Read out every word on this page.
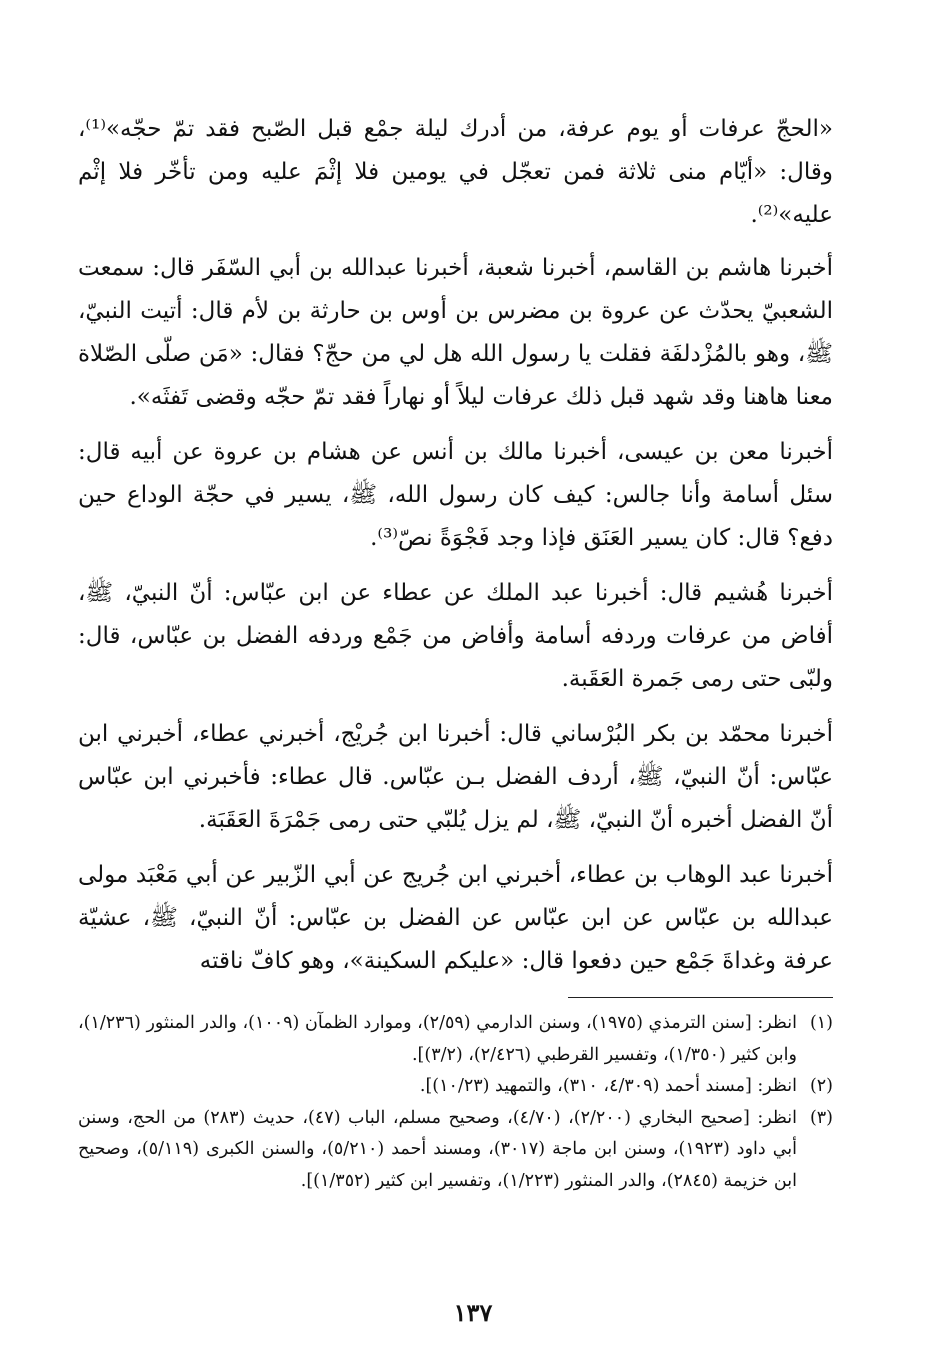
«الحجّ عرفات أو يوم عرفة، من أدرك ليلة جمْع قبل الصّبح فقد تمّ حجّه»⁽¹⁾، وقال: «أيّام منى ثلاثة فمن تعجّل في يومين فلا إثْمَ عليه ومن تأخّر فلا إثْم عليه»⁽²⁾.

أخبرنا هاشم بن القاسم، أخبرنا شعبة، أخبرنا عبدالله بن أبي السّفَر قال: سمعت الشعبيّ يحدّث عن عروة بن مضرس بن أوس بن حارثة بن لأم قال: أتيت النبيّ، ﷺ، وهو بالمُزْدلفَة فقلت يا رسول الله هل لي من حجّ؟ فقال: «مَن صلّى الصّلاة معنا هاهنا وقد شهد قبل ذلك عرفات ليلاً أو نهاراً فقد تمّ حجّه وقضى تَفثَه».

أخبرنا معن بن عيسى، أخبرنا مالك بن أنس عن هشام بن عروة عن أبيه قال: سئل أسامة وأنا جالس: كيف كان رسول الله، ﷺ، يسير في حجّة الوداع حين دفع؟ قال: كان يسير العَنَق فإذا وجد فَجْوَةً نصّ⁽³⁾.

أخبرنا هُشيم قال: أخبرنا عبد الملك عن عطاء عن ابن عبّاس: أنّ النبيّ، ﷺ، أفاض من عرفات وردفه أسامة وأفاض من جَمْع وردفه الفضل بن عبّاس، قال: ولبّى حتى رمى جَمرة العَقَبة.

أخبرنا محمّد بن بكر البُرْساني قال: أخبرنا ابن جُريْج، أخبرني عطاء، أخبرني ابن عبّاس: أنّ النبيّ، ﷺ، أردف الفضل بـن عبّاس. قال عطاء: فأخبرني ابن عبّاس أنّ الفضل أخبره أنّ النبيّ، ﷺ، لم يزل يُلبّي حتى رمى جَمْرَةَ العَقَبَة.

أخبرنا عبد الوهاب بن عطاء، أخبرني ابن جُريج عن أبي الزّبير عن أبي مَعْبَد مولى عبدالله بن عبّاس عن ابن عبّاس عن الفضل بن عبّاس: أنّ النبيّ، ﷺ، عشيّة عرفة وغداةَ جَمْع حين دفعوا قال: «عليكم السكينة»، وهو كافّ ناقته

(١)
انظر: [سنن الترمذي (١٩٧٥)، وسنن الدارمي (٢/٥٩)، وموارد الظمآن (١٠٠٩)، والدر المنثور (١/٢٣٦)، وابن كثير (١/٣٥٠)، وتفسير القرطبي (٢/٤٢٦)، (٣/٢)].
(٢)
انظر: [مسند أحمد (٤/٣٠٩، ٣١٠)، والتمهيد (١٠/٢٣)].
(٣)
انظر: [صحيح البخاري (٢/٢٠٠)، (٤/٧٠)، وصحيح مسلم، الباب (٤٧)، حديث (٢٨٣) من الحج، وسنن أبي داود (١٩٢٣)، وسنن ابن ماجة (٣٠١٧)، ومسند أحمد (٥/٢١٠)، والسنن الكبرى (٥/١١٩)، وصحيح ابن خزيمة (٢٨٤٥)، والدر المنثور (١/٢٢٣)، وتفسير ابن كثير (١/٣٥٢)].
١٣٧
